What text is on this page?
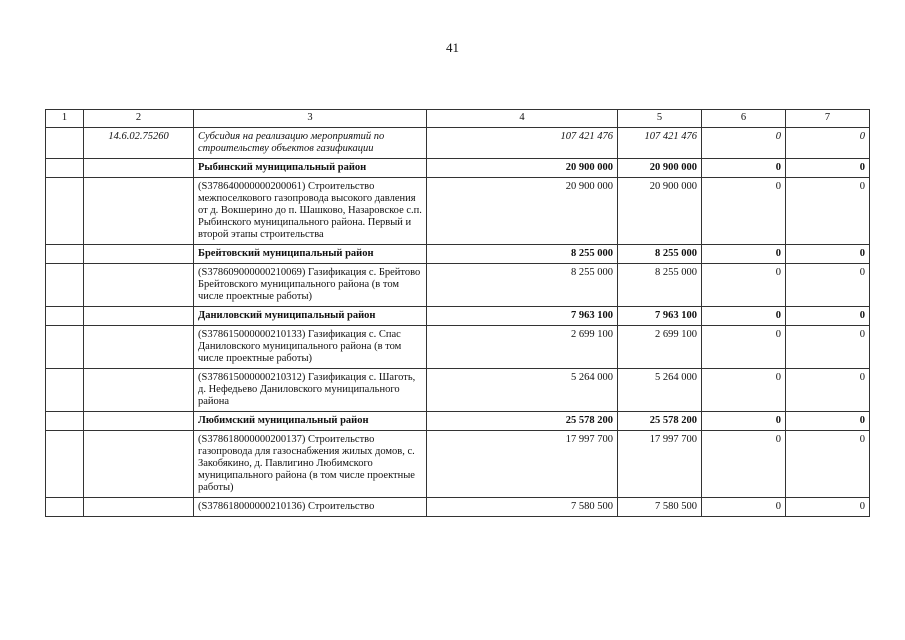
41
1	2	3	4	5	6	7
	14.6.02.75260	Субсидия на реализацию мероприятий по строительству объектов газификации	107 421 476	107 421 476	0	0
		Рыбинский муниципальный район	20 900 000	20 900 000	0	0
		(S378640000000200061) Строительство межпоселкового газопровода высокого давления от д. Вокшерино до п. Шашково, Назаровское с.п. Рыбинского муниципального района. Первый и второй этапы строительства	20 900 000	20 900 000	0	0
		Брейтовский муниципальный район	8 255 000	8 255 000	0	0
		(S378609000000210069) Газификация с. Брейтово Брейтовского муниципального района (в том числе проектные работы)	8 255 000	8 255 000	0	0
		Даниловский муниципальный район	7 963 100	7 963 100	0	0
		(S378615000000210133) Газификация с. Спас Даниловского муниципального района (в том числе проектные работы)	2 699 100	2 699 100	0	0
		(S378615000000210312) Газификация с. Шаготь, д. Нефедьево Даниловского муниципального района	5 264 000	5 264 000	0	0
		Любимский муниципальный район	25 578 200	25 578 200	0	0
		(S378618000000200137) Строительство газопровода для газоснабжения жилых домов, с. Закобякино, д. Павлигино Любимского муниципального района (в том числе проектные работы)	17 997 700	17 997 700	0	0
		(S378618000000210136) Строительство	7 580 500	7 580 500	0	0
